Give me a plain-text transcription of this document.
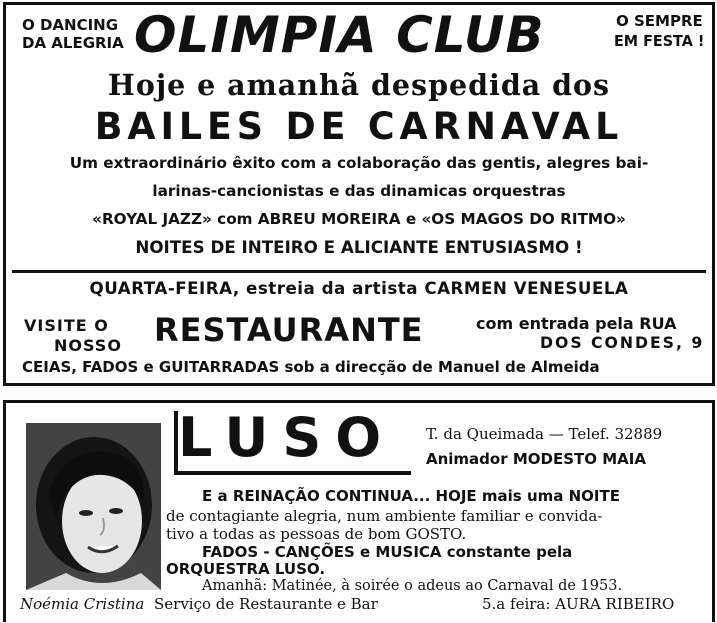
O DANCING
DA ALEGRIA OLIMPIA CLUB	O SEMPRE
EM FESTA !
Hoje e amanhã despedida dos
BAILES DE CARNAVAL
Um extraordinário êxito com a colaboração das gentis, alegres bai-
larinas-cancionistas e das dinamicas orquestras
«ROYAL JAZZ» com ABREU MOREIRA e «OS MAGOS DO RITMO»
NOITES DE INTEIRO E ALICIANTE ENTUSIASMO !
QUARTA-FEIRA, estreia da artista CARMEN VENESUELA
VISITE O
NOSSO RESTAURANTE	com entrada pela RUA
DOS CONDES, 9
CEIAS, FADOS e GUITARRADAS sob a direcção de Manuel de Almeida
LUSO T. da Queimada — Telef. 32889
Animador MODESTO MAIA
E a REINAÇÃO CONTINUA... HOJE mais uma NOITE
de contagiante alegria, num ambiente familiar e convida-
tivo a todas as pessoas de bom GOSTO.
FADOS - CANÇÕES e MUSICA constante pela
ORQUESTRA LUSO.
Amanhã: Matinée, à soirée o adeus ao Carnaval de 1953.
Noémia Cristina Serviço de Restaurante e Bar	5.a feira: AURA RIBEIRO
